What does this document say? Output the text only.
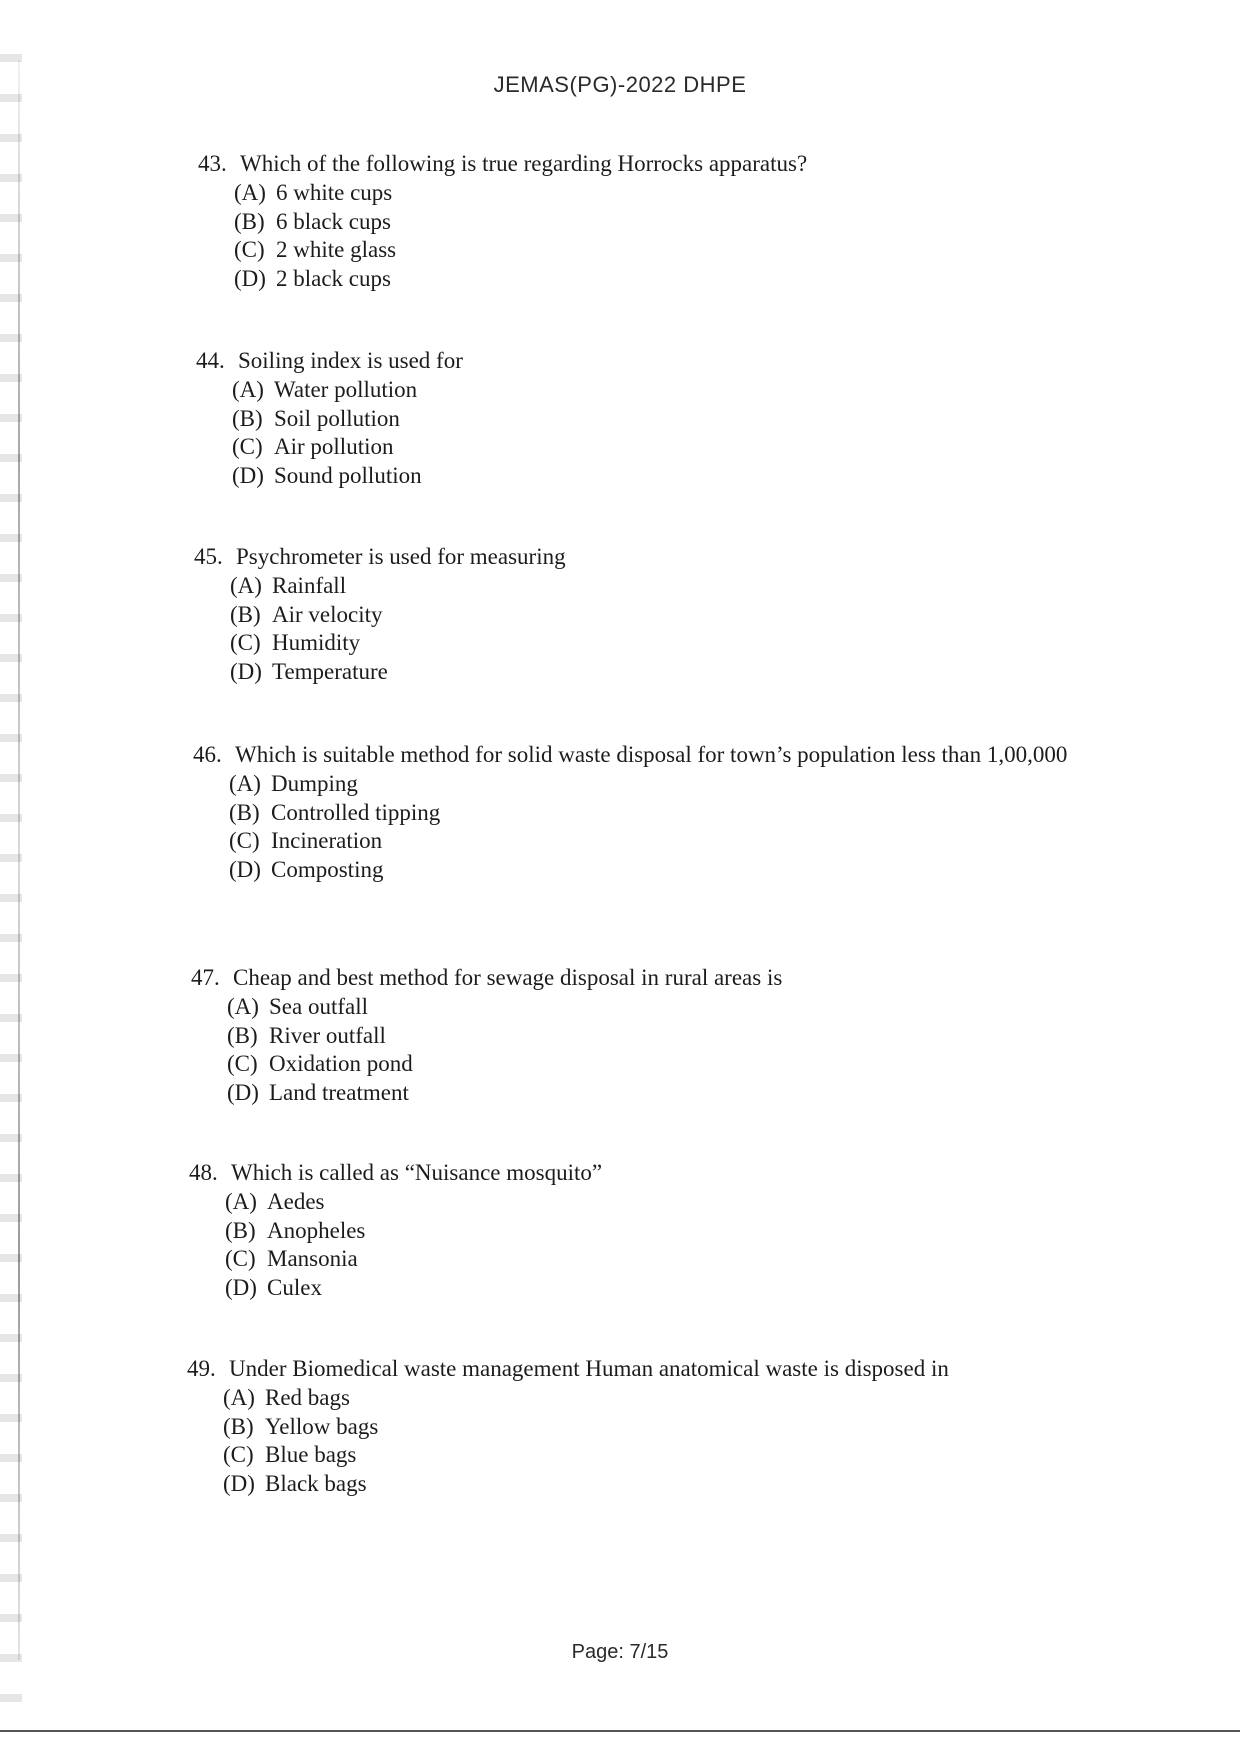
JEMAS(PG)-2022 DHPE
43. Which of the following is true regarding Horrocks apparatus?
(A) 6 white cups
(B) 6 black cups
(C) 2 white glass
(D) 2 black cups
44. Soiling index is used for
(A) Water pollution
(B) Soil pollution
(C) Air pollution
(D) Sound pollution
45. Psychrometer is used for measuring
(A) Rainfall
(B) Air velocity
(C) Humidity
(D) Temperature
46. Which is suitable method for solid waste disposal for town’s population less than 1,00,000
(A) Dumping
(B) Controlled tipping
(C) Incineration
(D) Composting
47. Cheap and best method for sewage disposal in rural areas is
(A) Sea outfall
(B) River outfall
(C) Oxidation pond
(D) Land treatment
48. Which is called as “Nuisance mosquito”
(A) Aedes
(B) Anopheles
(C) Mansonia
(D) Culex
49. Under Biomedical waste management Human anatomical waste is disposed in
(A) Red bags
(B) Yellow bags
(C) Blue bags
(D) Black bags
Page: 7/15
